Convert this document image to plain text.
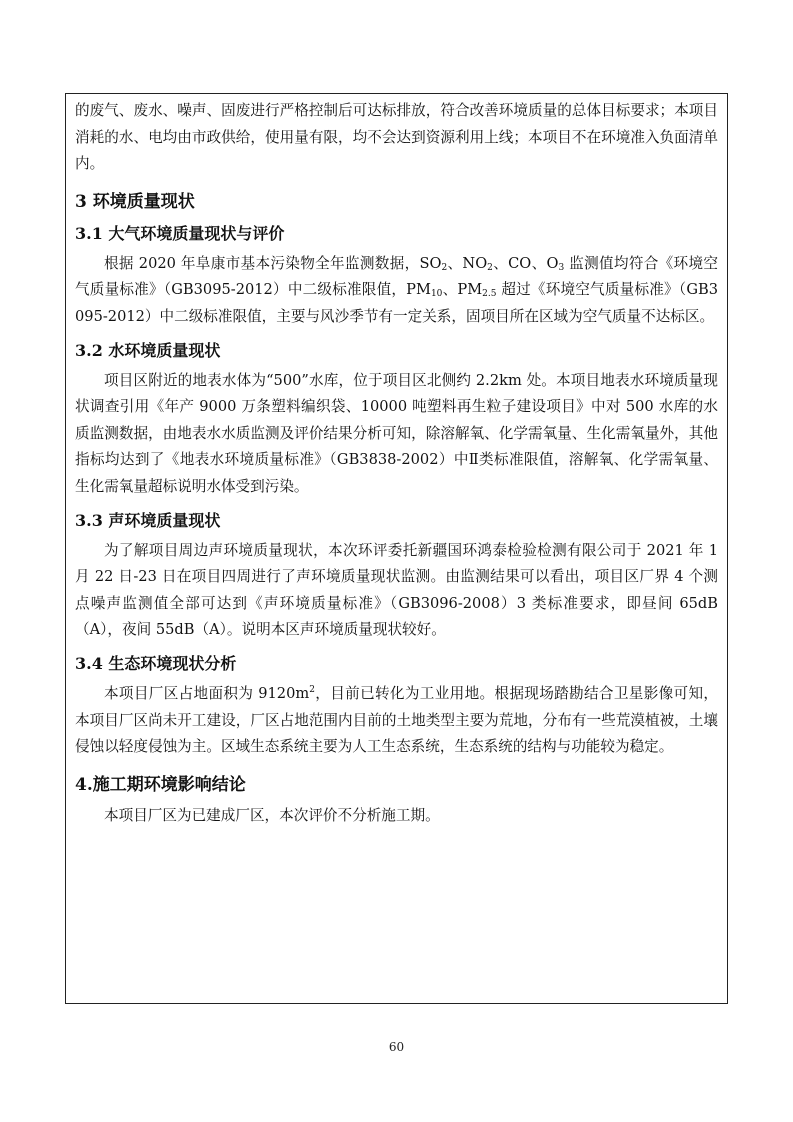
的废气、废水、噪声、固废进行严格控制后可达标排放，符合改善环境质量的总体目标要求；本项目消耗的水、电均由市政供给，使用量有限，均不会达到资源利用上线；本项目不在环境准入负面清单内。

3 环境质量现状
3.1 大气环境质量现状与评价

根据 2020 年阜康市基本污染物全年监测数据，$SO_2$、$NO_2$、CO、$O_3$ 监测值均符合《环境空气质量标准》（GB3095-2012）中二级标准限值，$PM_{10}$、$PM_{2.5}$ 超过《环境空气质量标准》（GB3095-2012）中二级标准限值，主要与风沙季节有一定关系，固项目所在区域为空气质量不达标区。

3.2 水环境质量现状

项目区附近的地表水体为“500”水库，位于项目区北侧约 2.2km 处。本项目地表水环境质量现状调查引用《年产 9000 万条塑料编织袋、10000 吨塑料再生粒子建设项目》中对 500 水库的水质监测数据，由地表水水质监测及评价结果分析可知，除溶解氧、化学需氧量、生化需氧量外，其他指标均达到了《地表水环境质量标准》（GB3838-2002）中Ⅱ类标准限值，溶解氧、化学需氧量、生化需氧量超标说明水体受到污染。

3.3 声环境质量现状

为了解项目周边声环境质量现状，本次环评委托新疆国环鸿泰检验检测有限公司于 2021 年 1 月 22 日-23 日在项目四周进行了声环境质量现状监测。由监测结果可以看出，项目区厂界 4 个测点噪声监测值全部可达到《声环境质量标准》（GB3096-2008）3 类标准要求，即昼间 65dB（A），夜间 55dB（A）。说明本区声环境质量现状较好。

3.4 生态环境现状分析

本项目厂区占地面积为 $9120m^2$，目前已转化为工业用地。根据现场踏勘结合卫星影像可知，本项目厂区尚未开工建设，厂区占地范围内目前的土地类型主要为荒地，分布有一些荒漠植被，土壤侵蚀以轻度侵蚀为主。区域生态系统主要为人工生态系统，生态系统的结构与功能较为稳定。

4.施工期环境影响结论

本项目厂区为已建成厂区，本次评价不分析施工期。

60
